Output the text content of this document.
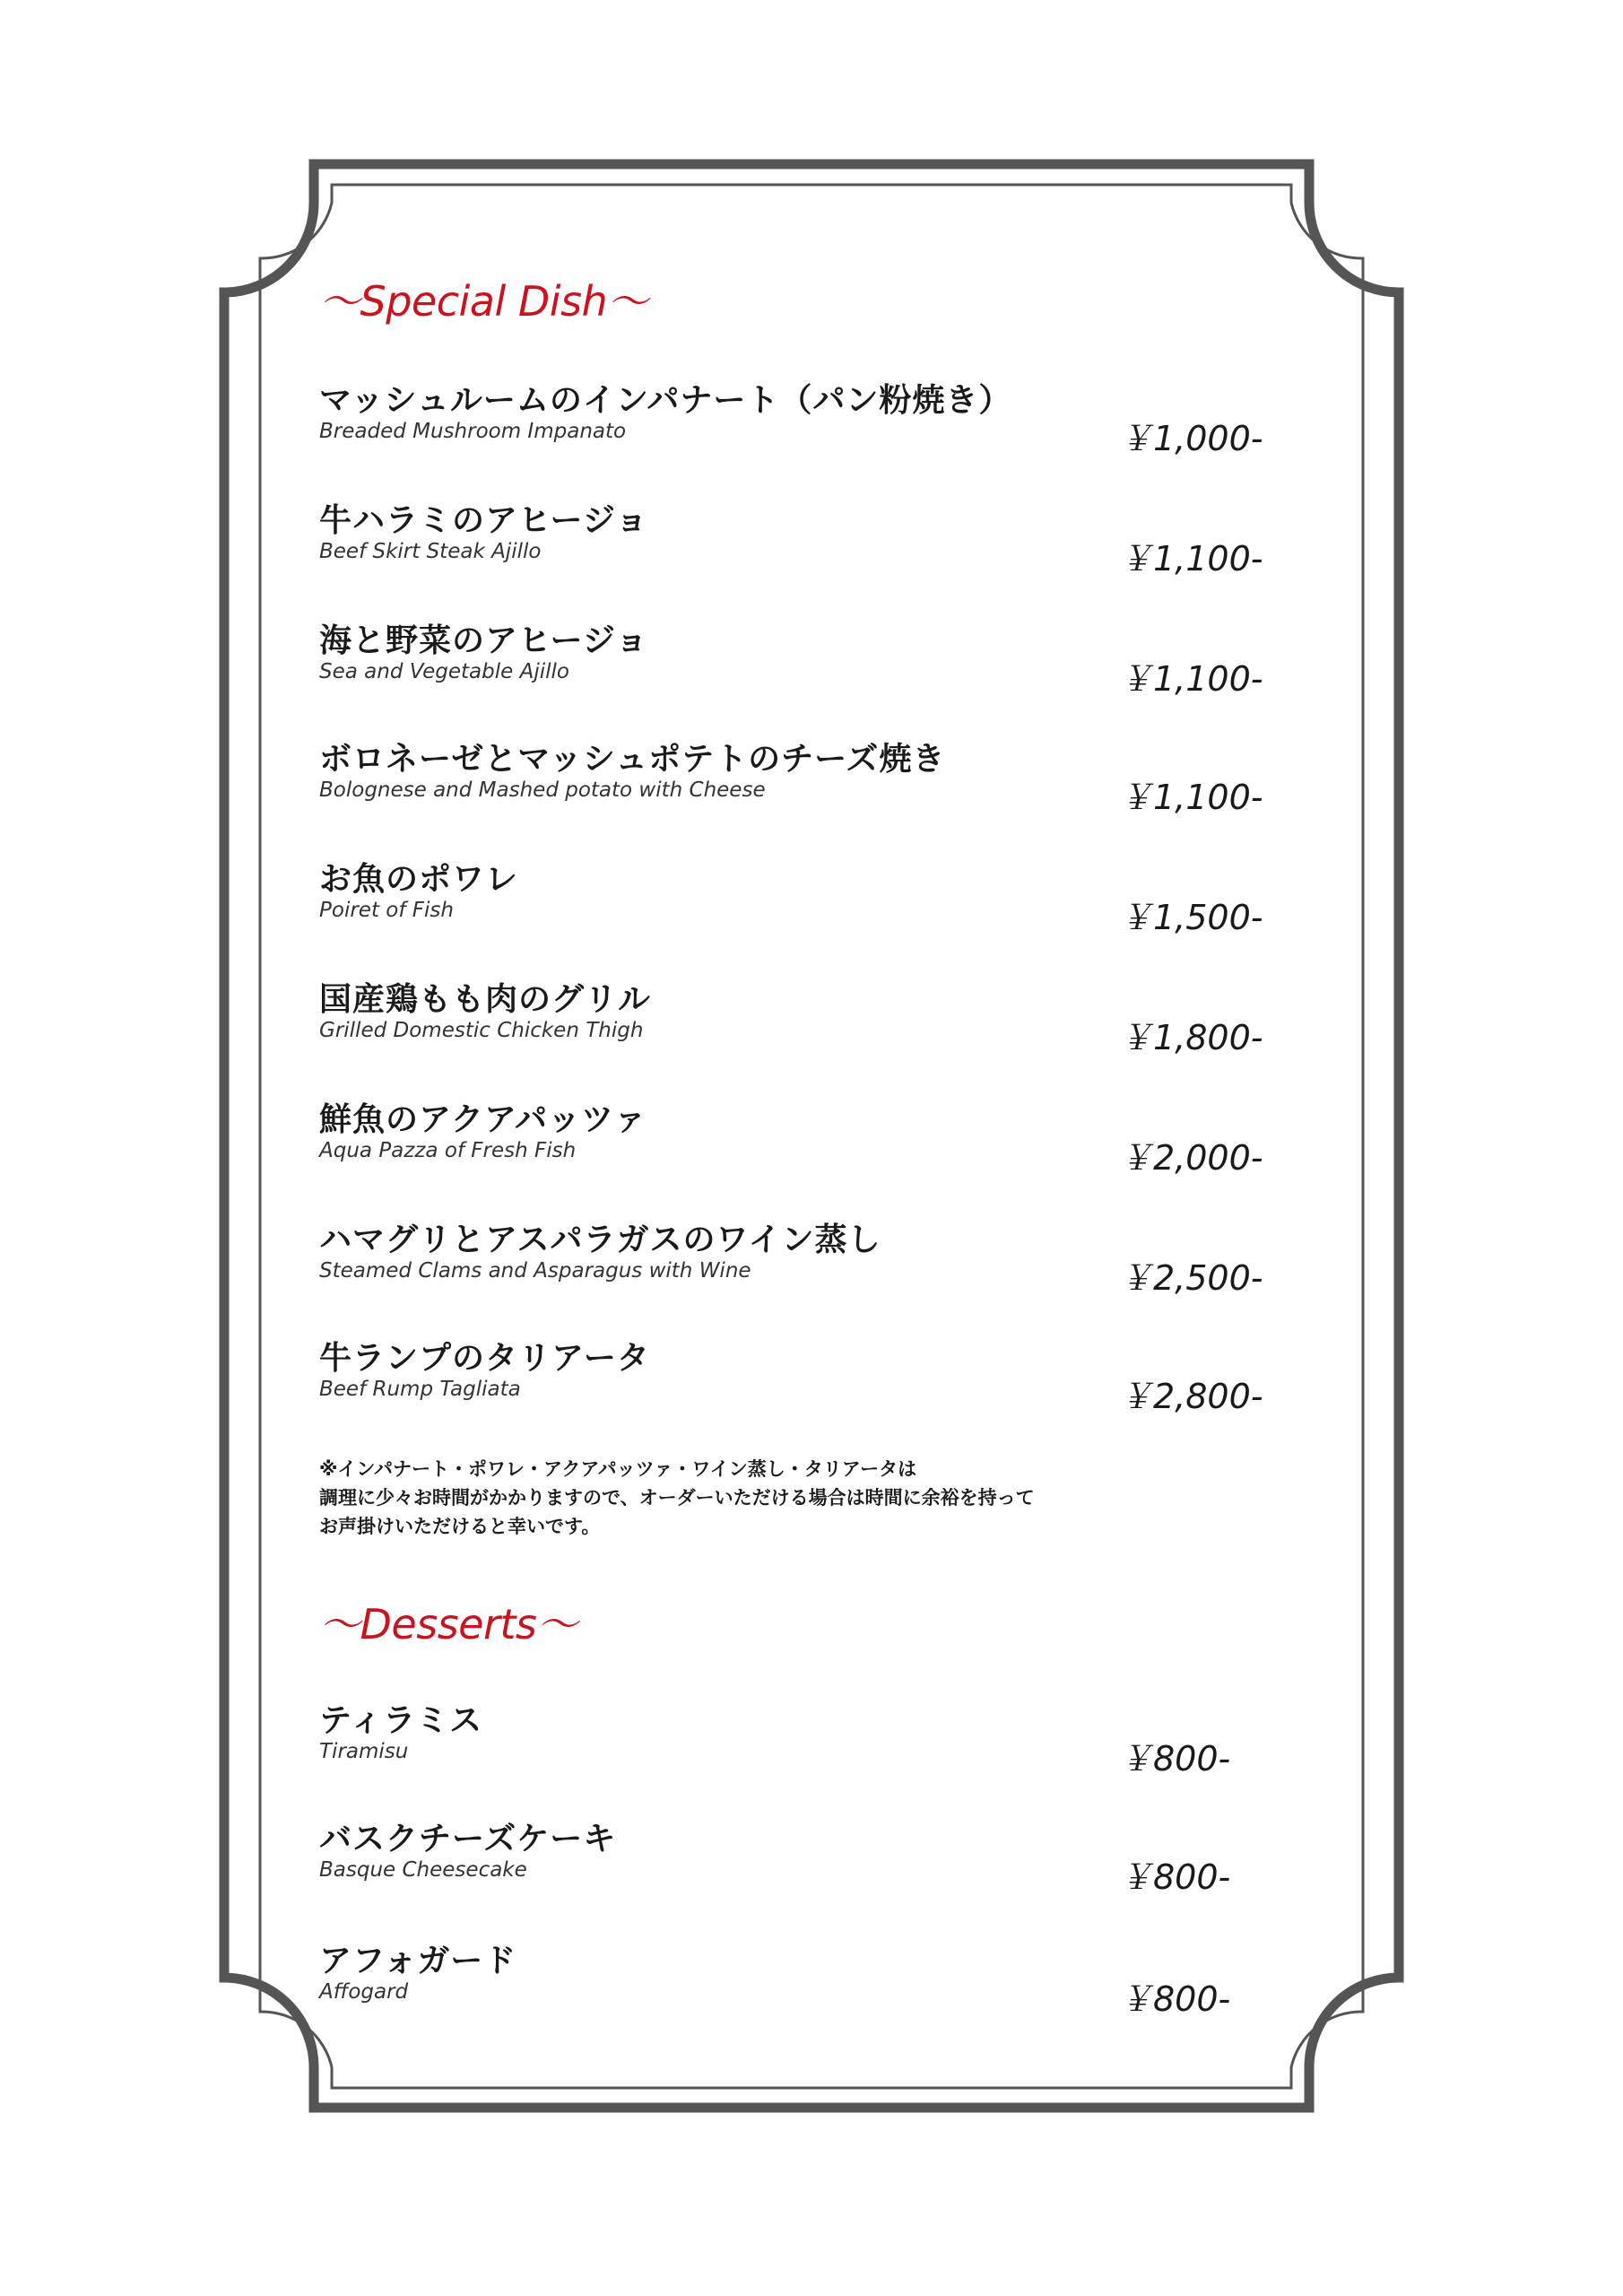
〜Special Dish〜
マッシュルームのインパナート（パン粉焼き）
Breaded Mushroom Impanato	￥1,000-
牛ハラミのアヒージョ
Beef Skirt Steak Ajillo	￥1,100-
海と野菜のアヒージョ
Sea and Vegetable Ajillo	￥1,100-
ボロネーゼとマッシュポテトのチーズ焼き
Bolognese and Mashed potato with Cheese	￥1,100-
お魚のポワレ
Poiret of Fish	￥1,500-
国産鶏もも肉のグリル
Grilled Domestic Chicken Thigh	￥1,800-
鮮魚のアクアパッツァ
Aqua Pazza of Fresh Fish	￥2,000-
ハマグリとアスパラガスのワイン蒸し
Steamed Clams and Asparagus with Wine	￥2,500-
牛ランプのタリアータ
Beef Rump Tagliata	￥2,800-
※インパナート・ポワレ・アクアパッツァ・ワイン蒸し・タリアータは
調理に少々お時間がかかりますので、オーダーいただける場合は時間に余裕を持って
お声掛けいただけると幸いです。
〜Desserts〜
ティラミス
Tiramisu	￥800-
バスクチーズケーキ
Basque Cheesecake	￥800-
アフォガード
Affogard	￥800-
